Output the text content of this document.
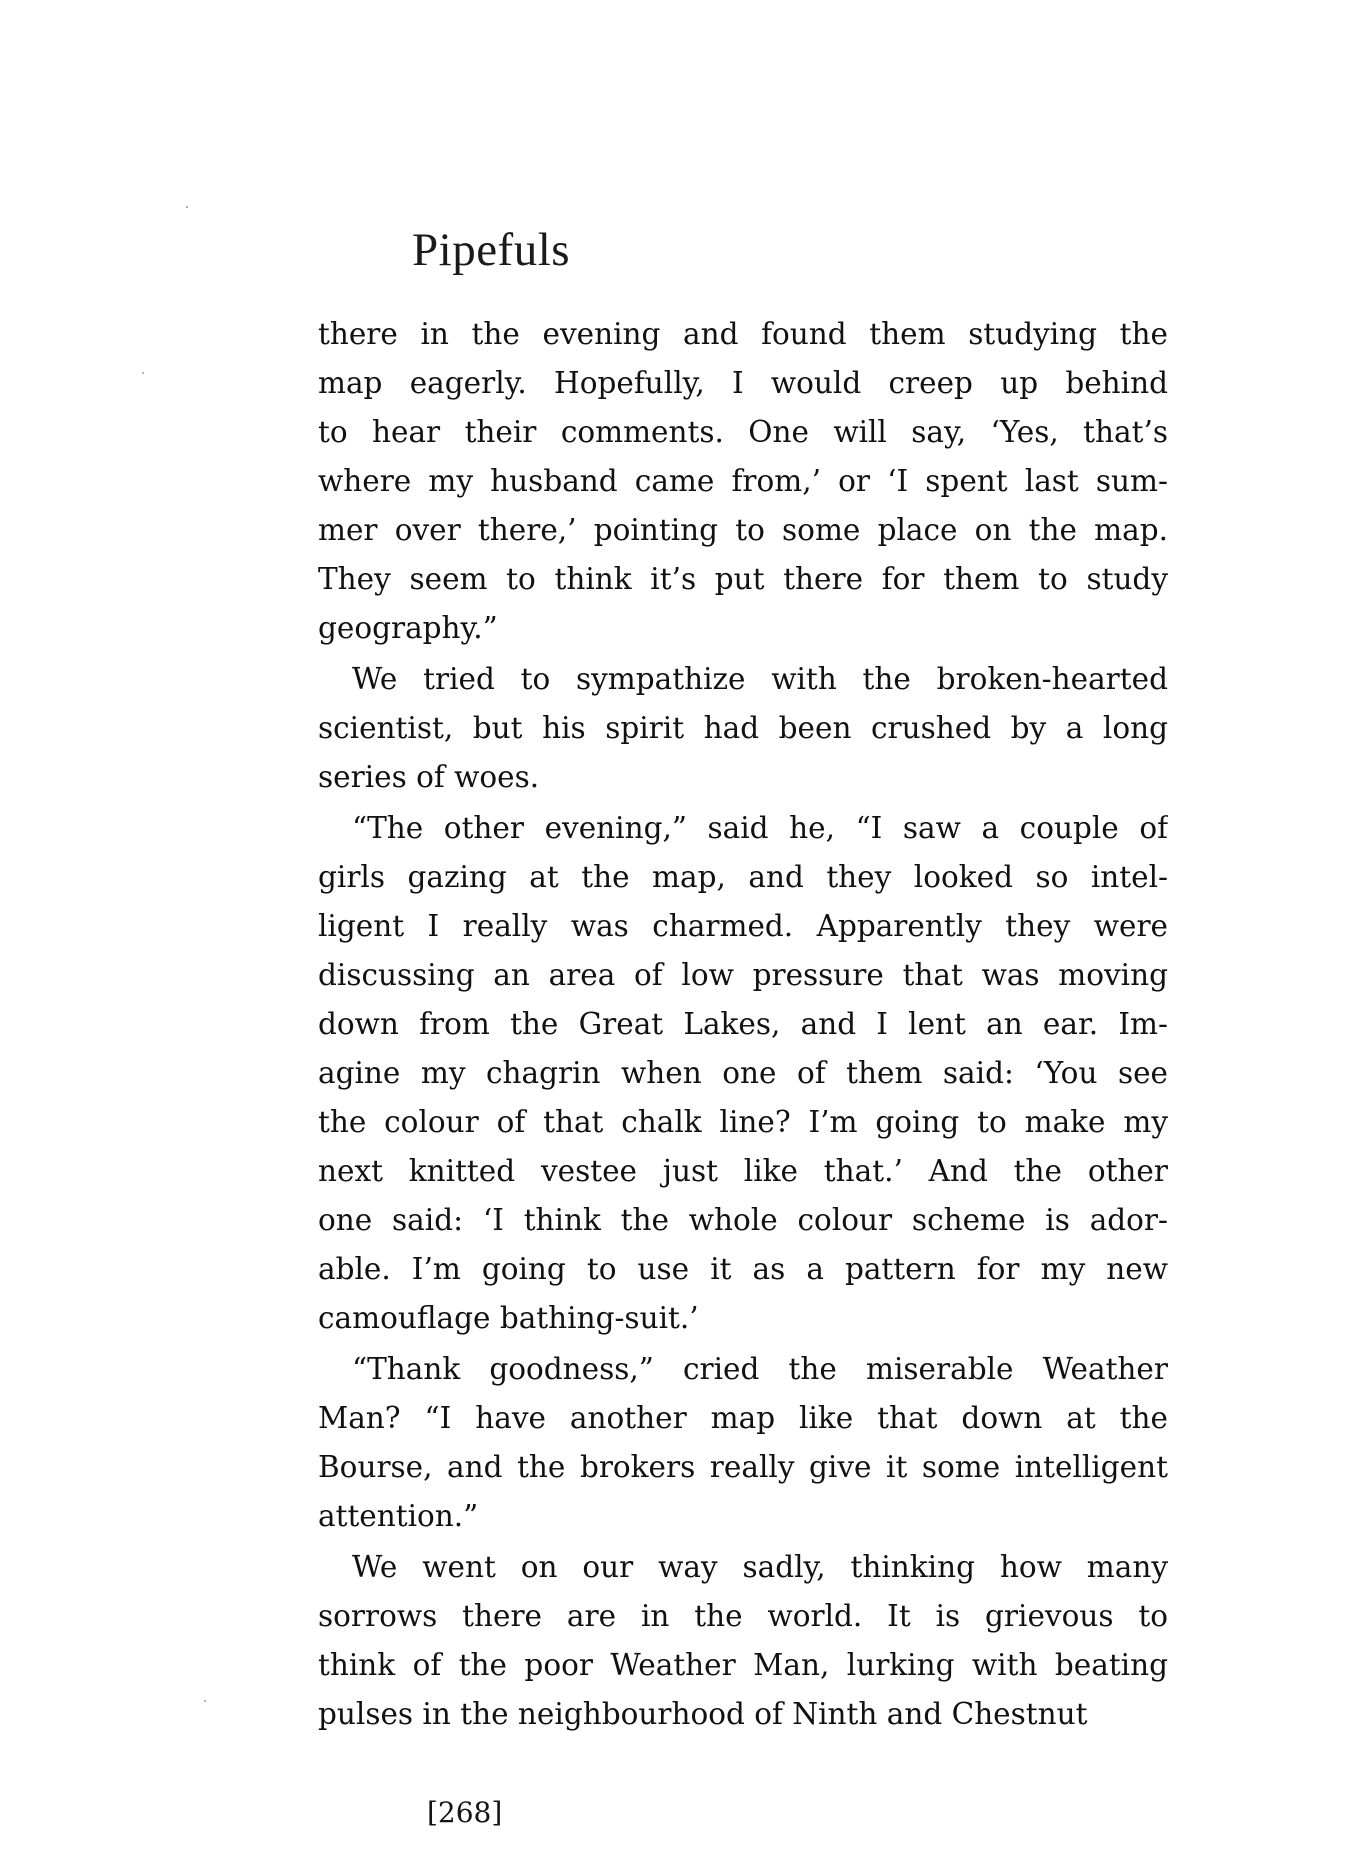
Pipefuls
there in the evening and found them studying the
map eagerly. Hopefully, I would creep up behind
to hear their comments. One will say, ‘Yes, that’s
where my husband came from,’ or ‘I spent last sum-
mer over there,’ pointing to some place on the map.
They seem to think it’s put there for them to study
geography.”
We tried to sympathize with the broken-hearted
scientist, but his spirit had been crushed by a long
series of woes.
“The other evening,” said he, “I saw a couple of
girls gazing at the map, and they looked so intel-
ligent I really was charmed. Apparently they were
discussing an area of low pressure that was moving
down from the Great Lakes, and I lent an ear. Im-
agine my chagrin when one of them said: ‘You see
the colour of that chalk line? I’m going to make my
next knitted vestee just like that.’ And the other
one said: ‘I think the whole colour scheme is ador-
able. I’m going to use it as a pattern for my new
camouflage bathing-suit.’
“Thank goodness,” cried the miserable Weather
Man? “I have another map like that down at the
Bourse, and the brokers really give it some intelligent
attention.”
We went on our way sadly, thinking how many
sorrows there are in the world. It is grievous to
think of the poor Weather Man, lurking with beating
pulses in the neighbourhood of Ninth and Chestnut
[268]
